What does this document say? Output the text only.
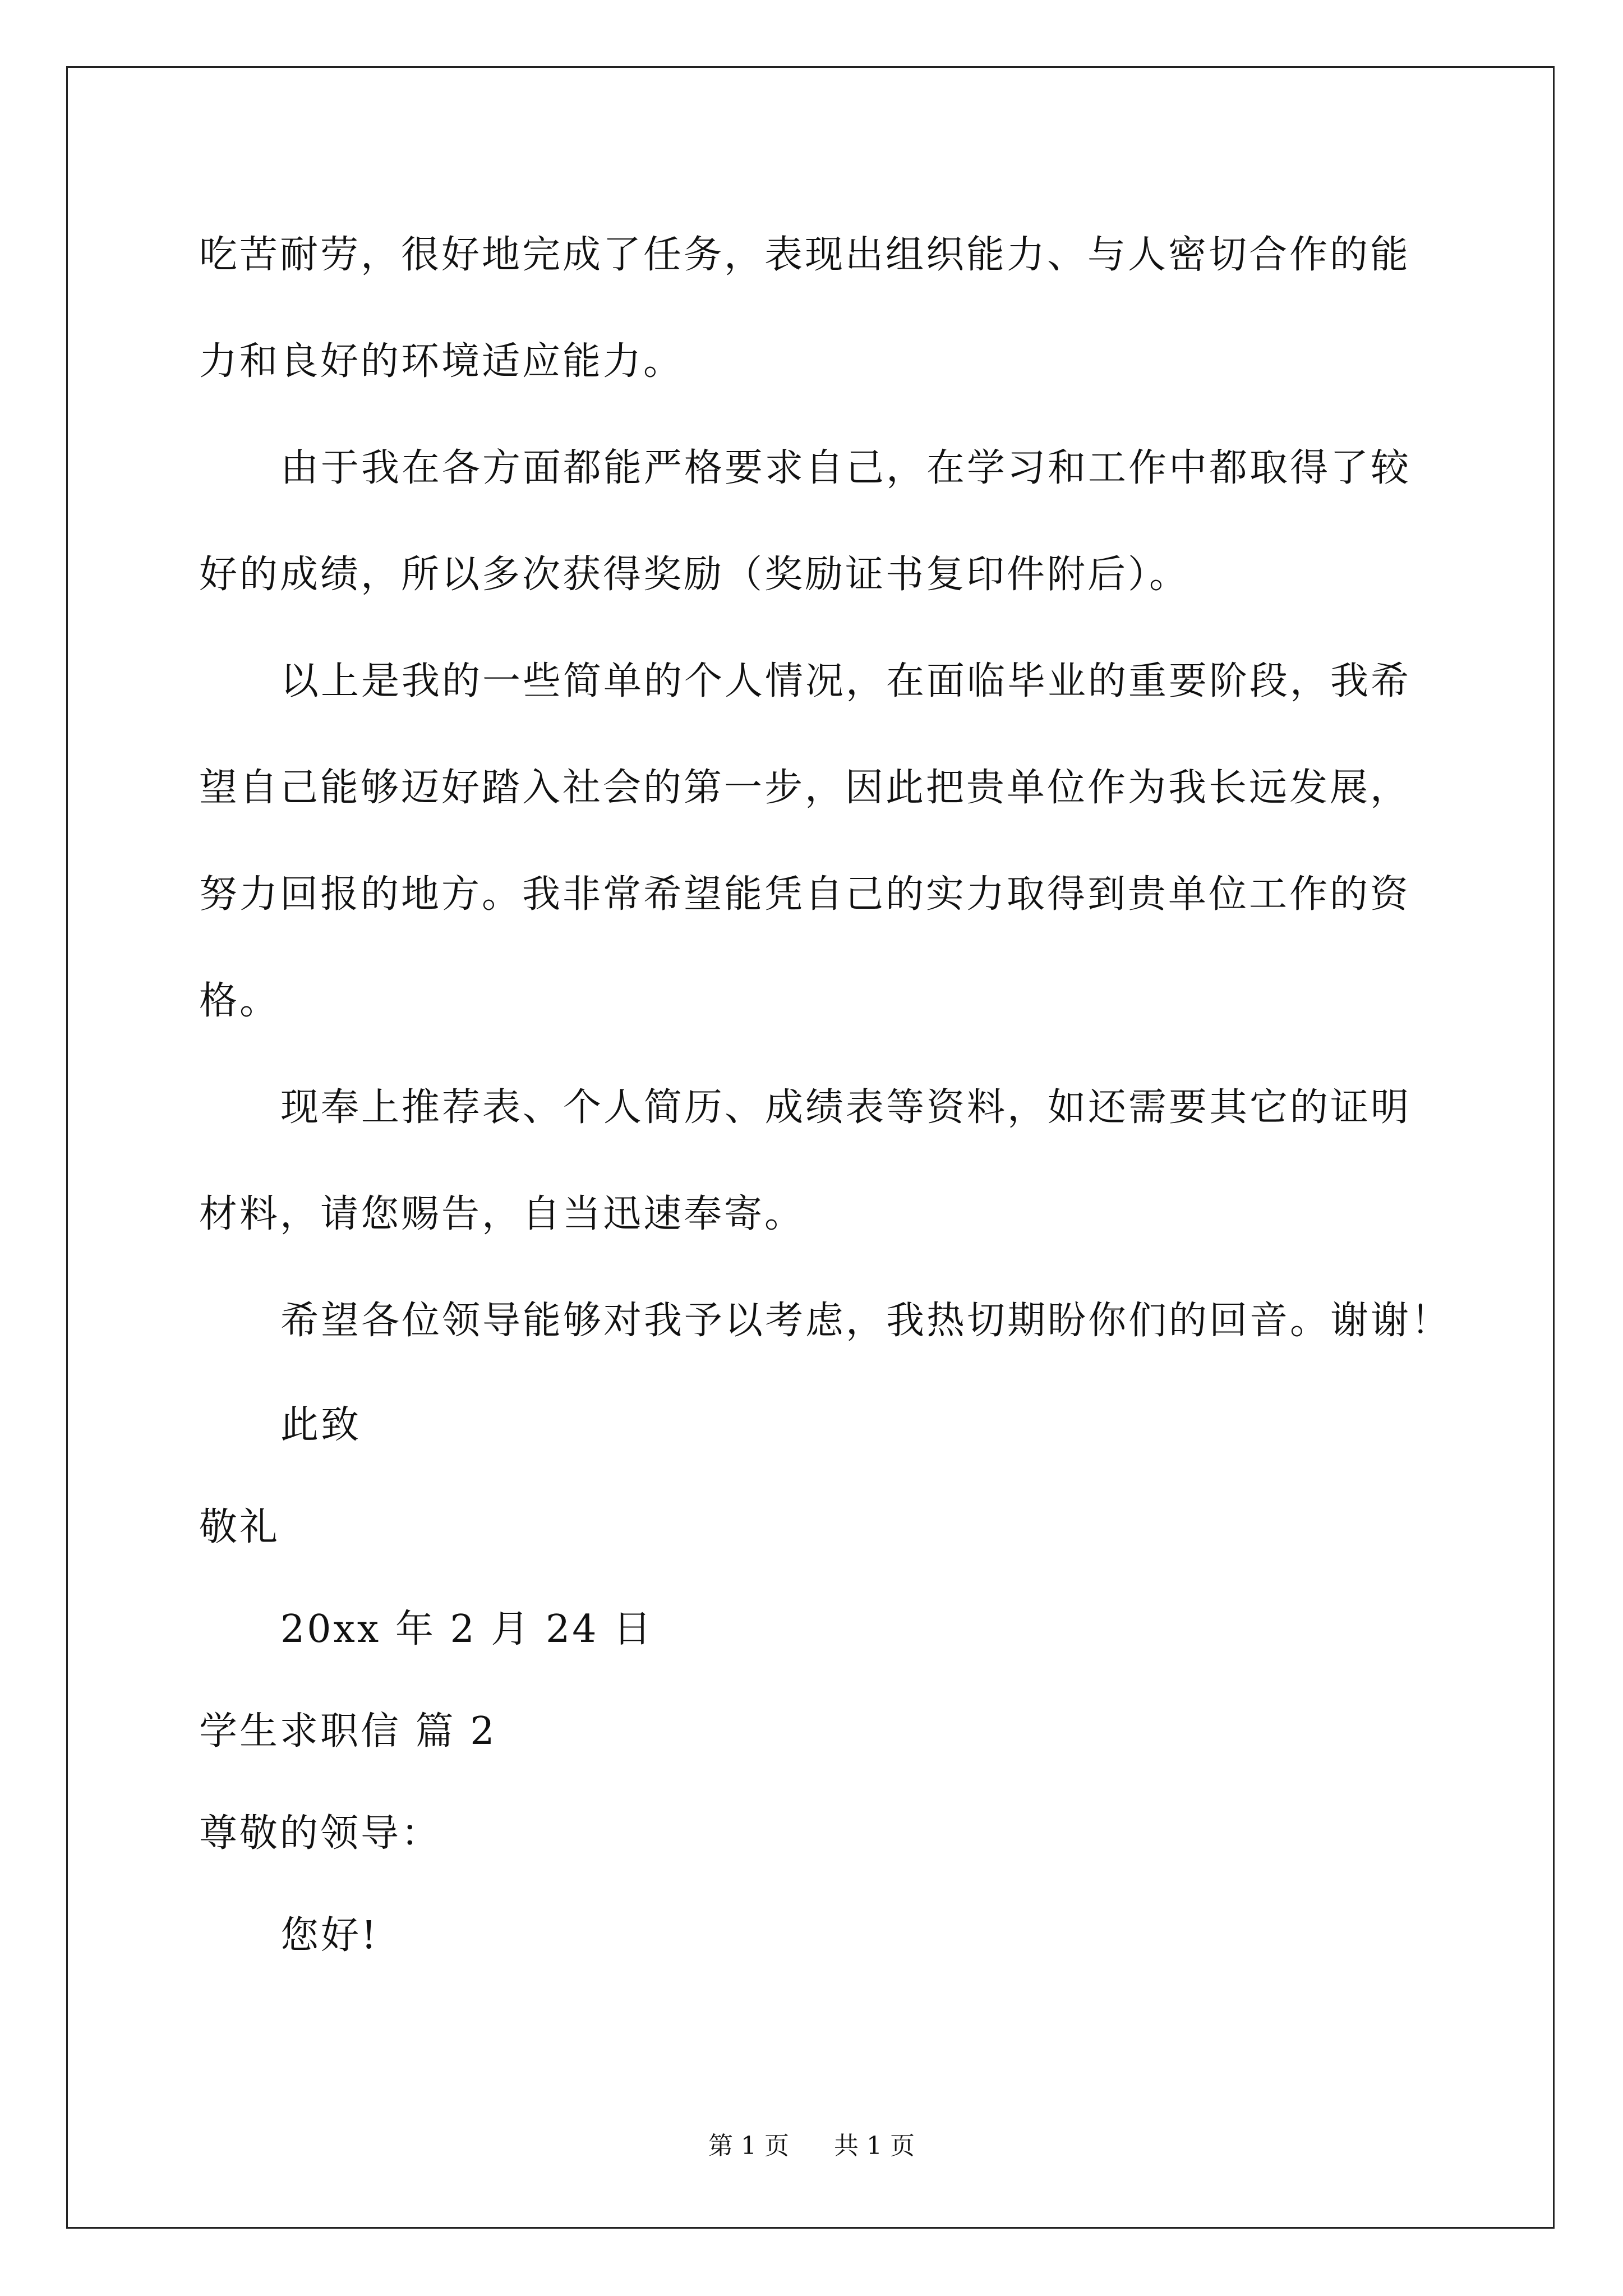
吃苦耐劳，很好地完成了任务，表现出组织能力、与人密切合作的能
力和良好的环境适应能力。
由于我在各方面都能严格要求自己，在学习和工作中都取得了较
好的成绩，所以多次获得奖励（奖励证书复印件附后）。
以上是我的一些简单的个人情况，在面临毕业的重要阶段，我希
望自己能够迈好踏入社会的第一步，因此把贵单位作为我长远发展，
努力回报的地方。我非常希望能凭自己的实力取得到贵单位工作的资
格。
现奉上推荐表、个人简历、成绩表等资料，如还需要其它的证明
材料，请您赐告，自当迅速奉寄。
希望各位领导能够对我予以考虑，我热切期盼你们的回音。谢谢！
此致
敬礼
20xx 年 2 月 24 日
学生求职信 篇 2
尊敬的领导：
您好!
第 1 页 共 1 页
